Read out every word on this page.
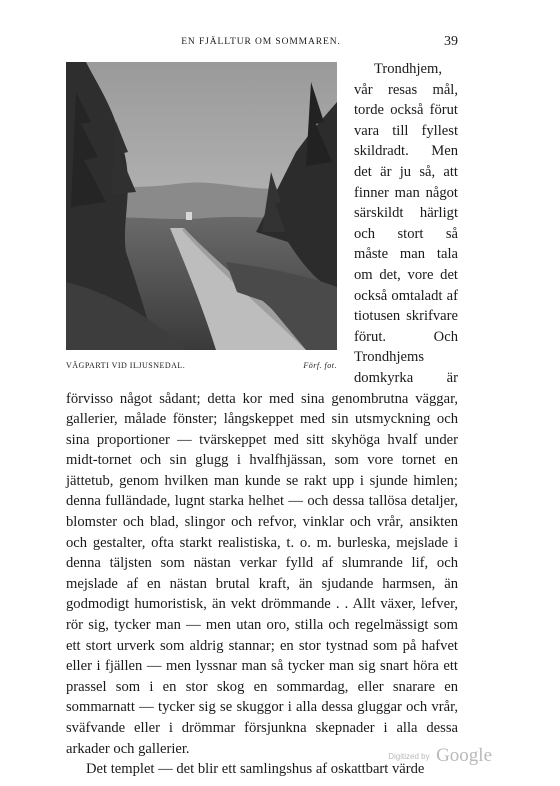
EN FJÄLLTUR OM SOMMAREN.	39
VÄGPARTI VID ILJUSNEDAL.	Förf. fot.

Trondhjem, vår resas mål, torde också förut vara till fyllest skildradt. Men det är ju så, att finner man något särskildt härligt och stort så måste man tala om det, vore det också omtaladt af tiotusen skrifvare förut. Och Trondhjems domkyrka är förvisso något sådant; detta kor med sina genombrutna väggar, gallerier, målade fönster; långskeppet med sin utsmyckning och sina proportioner — tvärskeppet med sitt skyhöga hvalf under midt-tornet och sin glugg i hvalfhjässan, som vore tornet en jättetub, genom hvilken man kunde se rakt upp i sjunde himlen; denna fulländade, lugnt starka helhet — och dessa tallösa detaljer, blomster och blad, slingor och refvor, vinklar och vrår, ansikten och gestalter, ofta starkt realistiska, t. o. m. burleska, mejslade i denna täljsten som nästan verkar fylld af slumrande lif, och mejslade af en nästan brutal kraft, än sjudande harmsen, än godmodigt humoristisk, än vekt drömmande . . Allt växer, lefver, rör sig, tycker man — men utan oro, stilla och regelmässigt som ett stort urverk som aldrig stannar; en stor tystnad som på hafvet eller i fjällen — men lyssnar man så tycker man sig snart höra ett prassel som i en stor skog en sommardag, eller snarare en sommarnatt — tycker sig se skuggor i alla dessa gluggar och vrår, sväfvande eller i drömmar försjunkna skepnader i alla dessa arkader och gallerier.

Det templet — det blir ett samlingshus af oskattbart värde

Digitized by Google
